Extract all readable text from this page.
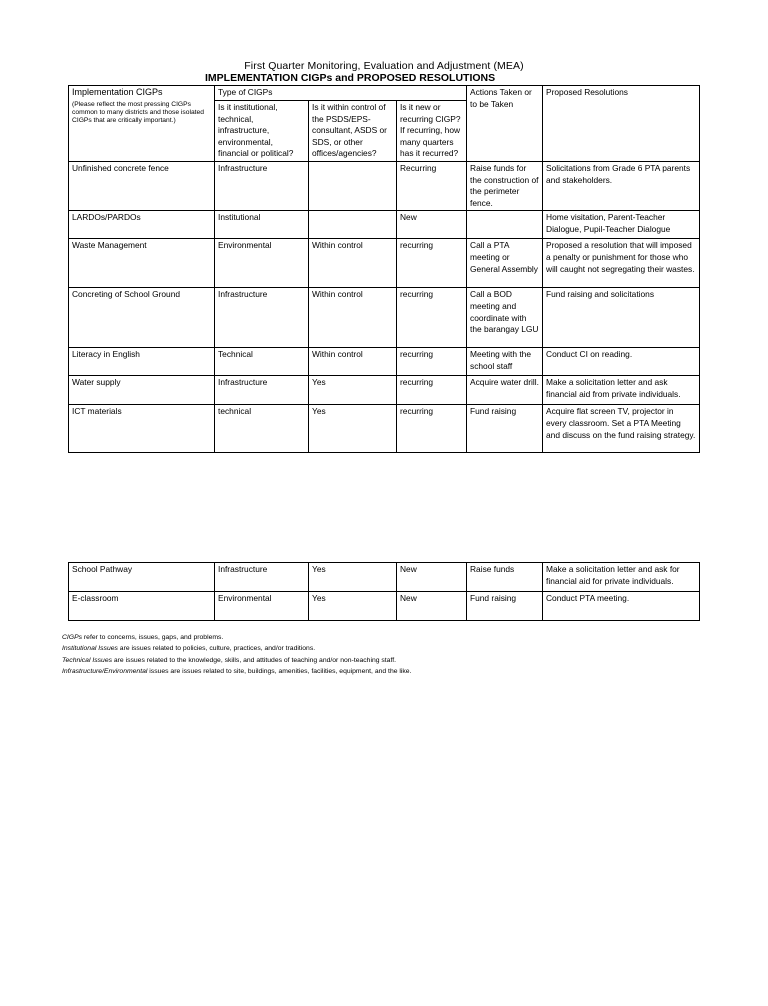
First Quarter Monitoring, Evaluation and Adjustment (MEA)
IMPLEMENTATION CIGPs and PROPOSED RESOLUTIONS
Implementation CIGPs
(Please reflect the most pressing CIGPs common to many districts and those isolated CIGPs that are critically important.)	Type of CIGPs			Actions Taken or to be Taken	Proposed Resolutions
	Is it institutional, technical, infrastructure, environmental, financial or political?	Is it within control of the PSDS/EPS-consultant, ASDS or SDS, or other offices/agencies?	Is it new or recurring CIGP? If recurring, how many quarters has it recurred?		
Unfinished concrete fence	Infrastructure		Recurring	Raise funds for the construction of the perimeter fence.	Solicitations from Grade 6 PTA parents and stakeholders.
LARDOs/PARDOs	Institutional		New		Home visitation, Parent-Teacher Dialogue, Pupil-Teacher Dialogue
Waste Management	Environmental	Within control	recurring	Call a PTA meeting or General Assembly	Proposed a resolution that will imposed a penalty or punishment for those who will caught not segregating their wastes.
Concreting of School Ground	Infrastructure	Within control	recurring	Call a BOD meeting and coordinate with the barangay LGU	Fund raising and solicitations
Literacy in English	Technical	Within control	recurring	Meeting with the school staff	Conduct CI on reading.
Water supply	Infrastructure	Yes	recurring	Acquire water drill.	Make a solicitation letter and ask financial aid from private individuals.
ICT materials	technical	Yes	recurring	Fund raising	Acquire flat screen TV, projector in every classroom. Set a PTA Meeting and discuss on the fund raising strategy.
School Pathway	Infrastructure	Yes	New	Raise funds	Make a solicitation letter and ask for financial aid for private individuals.
E-classroom	Environmental	Yes	New	Fund raising	Conduct PTA meeting.
CIGPs refer to concerns, issues, gaps, and problems.
Institutional Issues are issues related to policies, culture, practices, and/or traditions.
Technical Issues are issues related to the knowledge, skills, and attitudes of teaching and/or non-teaching staff.
Infrastructure/Environmental issues are issues related to site, buildings, amenities, facilities, equipment, and the like.
